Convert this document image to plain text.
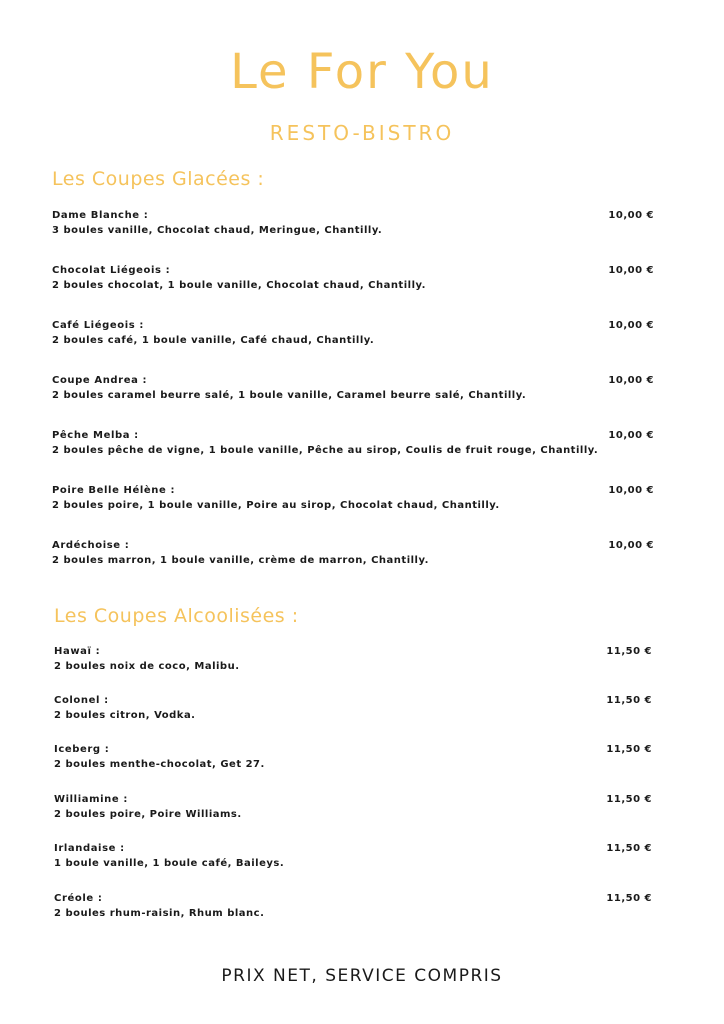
Le For You
RESTO-BISTRO
Les Coupes Glacées :
Dame Blanche :
3 boules vanille, Chocolat chaud, Meringue, Chantilly.
10,00 €
Chocolat Liégeois :
2 boules chocolat, 1 boule vanille, Chocolat chaud, Chantilly.
10,00 €
Café Liégeois :
2 boules café, 1 boule vanille, Café chaud, Chantilly.
10,00 €
Coupe Andrea :
2 boules caramel beurre salé, 1 boule vanille, Caramel beurre salé, Chantilly.
10,00 €
Pêche Melba :
2 boules pêche de vigne, 1 boule vanille, Pêche au sirop, Coulis de fruit rouge, Chantilly.
10,00 €
Poire Belle Hélène :
2 boules poire, 1 boule vanille, Poire au sirop, Chocolat chaud, Chantilly.
10,00 €
Ardéchoise :
2 boules marron, 1 boule vanille, crème de marron, Chantilly.
10,00 €
Les Coupes Alcoolisées :
Hawaï :
2 boules noix de coco, Malibu.
11,50 €
Colonel :
2 boules citron, Vodka.
11,50 €
Iceberg :
2 boules menthe-chocolat, Get 27.
11,50 €
Williamine :
2 boules poire, Poire Williams.
11,50 €
Irlandaise :
1 boule vanille, 1 boule café, Baileys.
11,50 €
Créole :
2 boules rhum-raisin, Rhum blanc.
11,50 €
PRIX NET, SERVICE COMPRIS
